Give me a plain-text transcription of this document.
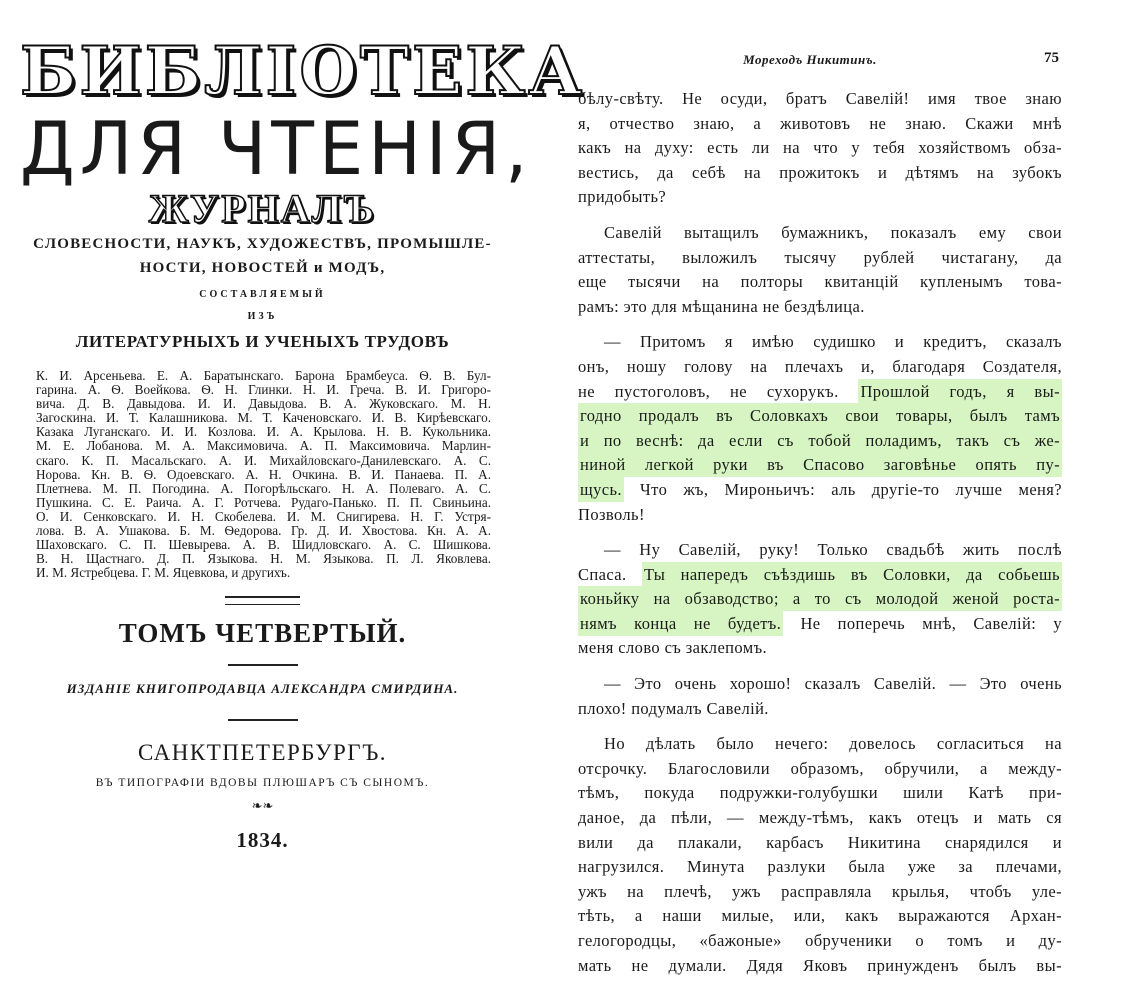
БИБЛІОТЕКА
ДЛЯ ЧТЕНІЯ,
ЖУРНАЛЪ
СЛОВЕСНОСТИ, НАУКЪ, ХУДОЖЕСТВЪ, ПРОМЫШЛЕ-
НОСТИ, НОВОСТЕЙ и МОДЪ,
СОСТАВЛЯЕМЫЙ
ИЗЪ
ЛИТЕРАТУРНЫХЪ И УЧЕНЫХЪ ТРУДОВЪ
К. И. Арсеньева. Е. А. Баратынскаго. Барона Брамбеуса. Ѳ. В. Бул-
гарина. А. Ѳ. Воейкова. Ѳ. Н. Глинки. Н. И. Греча. В. И. Григоро-
вича. Д. В. Давыдова. И. И. Давыдова. В. А. Жуковскаго. М. Н.
Загоскина. И. Т. Калашникова. М. Т. Каченовскаго. И. В. Кирѣевскаго.
Казака Луганскаго. И. И. Козлова. И. А. Крылова. Н. В. Кукольника.
М. Е. Лобанова. М. А. Максимовича. А. П. Максимовича. Марлин-
скаго. К. П. Масальскаго. А. И. Михайловскаго-Данилевскаго. А. С.
Норова. Кн. В. Ѳ. Одоевскаго. А. Н. Очкина. В. И. Панаева. П. А.
Плетнева. М. П. Погодина. А. Погорѣльскаго. Н. А. Полеваго. А. С.
Пушкина. С. Е. Раича. А. Г. Ротчева. Рудаго-Панько. П. П. Свиньина.
О. И. Сенковскаго. И. Н. Скобелева. И. М. Снигирева. Н. Г. Устря-
лова. В. А. Ушакова. Б. М. Ѳедорова. Гр. Д. И. Хвостова. Кн. А. А.
Шаховскаго. С. П. Шевырева. А. В. Шидловскаго. А. С. Шишкова.
В. Н. Щастнаго. Д. П. Языкова. Н. М. Языкова. П. Л. Яковлева.
И. М. Ястребцева. Г. М. Яцевкова, и другихъ.
ТОМЪ ЧЕТВЕРТЫЙ.
ИЗДАНІЕ КНИГОПРОДАВЦА АЛЕКСАНДРА СМИРДИНА.
САНКТПЕТЕРБУРГЪ.
ВЪ ТИПОГРАФІИ ВДОВЫ ПЛЮШАРЪ СЪ СЫНОМЪ.
❧❧
1834.
Мореходъ Никитинъ.	75
бѣлу-свѣту. Не осуди, братъ Савелій! имя твое знаю
я, отчество знаю, а животовъ не знаю. Скажи мнѣ
какъ на духу: есть ли на что у тебя хозяйствомъ обза-
вестись, да себѣ на прожитокъ и дѣтямъ на зубокъ
придобыть?
Савелій вытащилъ бумажникъ, показалъ ему свои
аттестаты, выложилъ тысячу рублей чистагану, да
еще тысячи на полторы квитанцій купленымъ това-
рамъ: это для мѣщанина не бездѣлица.
— Притомъ я имѣю судишко и кредитъ, сказалъ
онъ, ношу голову на плечахъ и, благодаря Создателя,
не пустоголовъ, не сухорукъ. Прошлой годъ, я вы-
годно продалъ въ Соловкахъ свои товары, былъ тамъ
и по веснѣ: да если съ тобой поладимъ, такъ съ же-
ниной легкой руки въ Спасово заговѣнье опять пу-
щусь. Что жъ, Мироньичъ: аль другіе-то лучше меня?
Позволь!
— Ну Савелій, руку! Только свадьбѣ жить послѣ
Спаса. Ты напередъ съѣздишь въ Соловки, да собьешь
коньйку на обзаводство; а то съ молодой женой роста-
нямъ конца не будетъ. Не поперечь мнѣ, Савелій: у
меня слово съ заклепомъ.
— Это очень хорошо! сказалъ Савелій. — Это очень
плохо! подумалъ Савелій.
Но дѣлать было нечего: довелось согласиться на
отсрочку. Благословили образомъ, обручили, а между-
тѣмъ, покуда подружки-голубушки шили Катѣ при-
даное, да пѣли, — между-тѣмъ, какъ отецъ и мать ся
вили да плакали, карбасъ Никитина снарядился и
нагрузился. Минута разлуки была уже за плечами,
ужъ на плечѣ, ужъ расправляла крылья, чтобъ уле-
тѣть, а наши милые, или, какъ выражаются Архан-
гелогородцы, «бажоные» обрученики о томъ и ду-
мать не думали. Дядя Яковъ принужденъ былъ вы-
